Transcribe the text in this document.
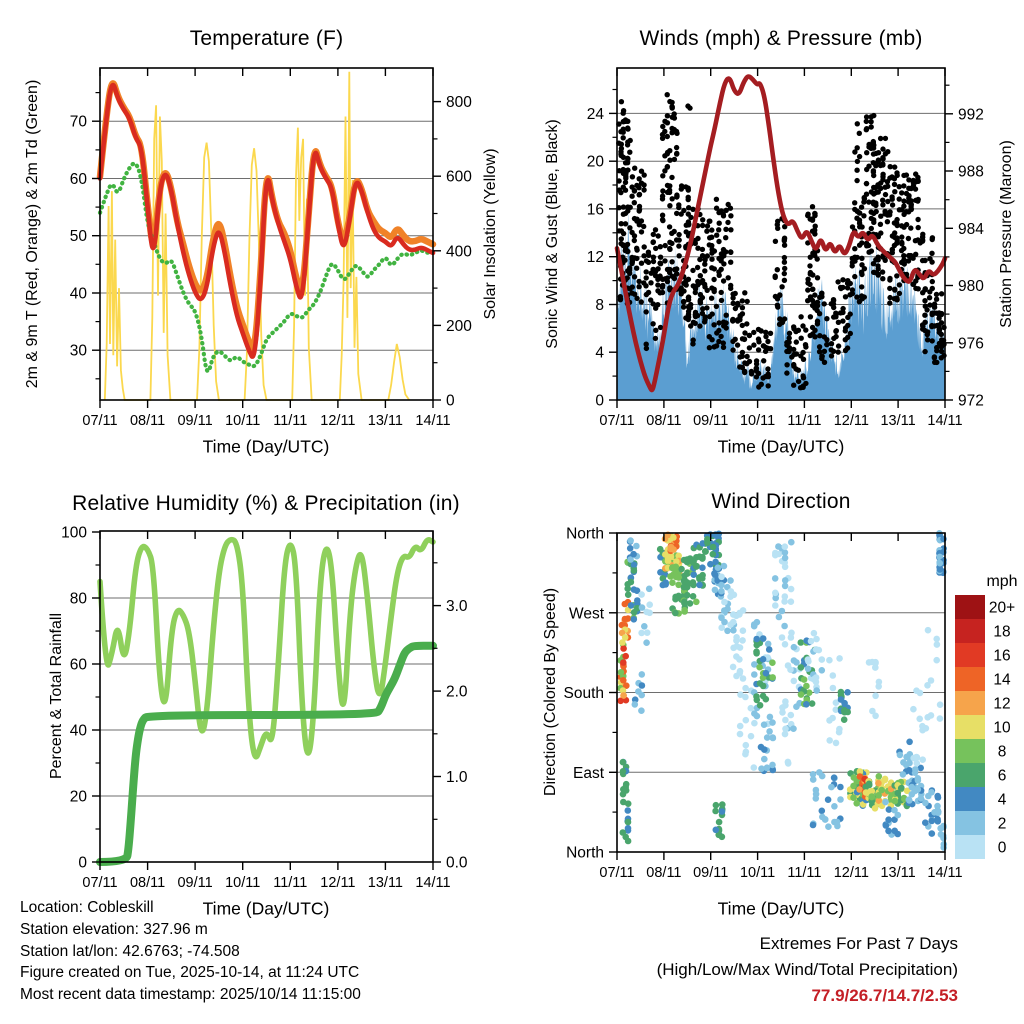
07/11 08/11 09/11 10/11 11/11 12/11 13/11 14/11
30
40
50
60
70
0
200
400
600
800
07/11 08/11 09/11 10/11 11/11 12/11 13/11 14/11
0
4
8
12
16
20
24
972
976
980
984
988
992
07/11 08/11 09/11 10/11 11/11 12/11 13/11 14/11
0
20
40
60
80
100
0.0
1.0
2.0
3.0
07/11 08/11 09/11 10/11 11/11 12/11 13/11 14/11
North
West
South
East
North
mph
20+
18
16
14
12
10
8
6
4
2
0
Temperature (F)	Winds (mph) & Pressure (mb)
Relative Humidity (%) & Precipitation (in)	Wind Direction
2m & 9m T (Red, Orange) & 2m Td (Green)	Solar Insolation (Yellow)	Sonic Wind & Gust (Blue, Black)	Station Pressure (Maroon)
Percent & Total Rainfall	Direction (Colored By Speed)
Time (Day/UTC)	Time (Day/UTC)
Time (Day/UTC)	Time (Day/UTC)
Location: Cobleskill
Station elevation: 327.96 m
Station lat/lon: 42.6763; -74.508
Figure created on Tue, 2025-10-14, at 11:24 UTC
Most recent data timestamp: 2025/10/14 11:15:00
Extremes For Past 7 Days
(High/Low/Max Wind/Total Precipitation)
77.9/26.7/14.7/2.53
